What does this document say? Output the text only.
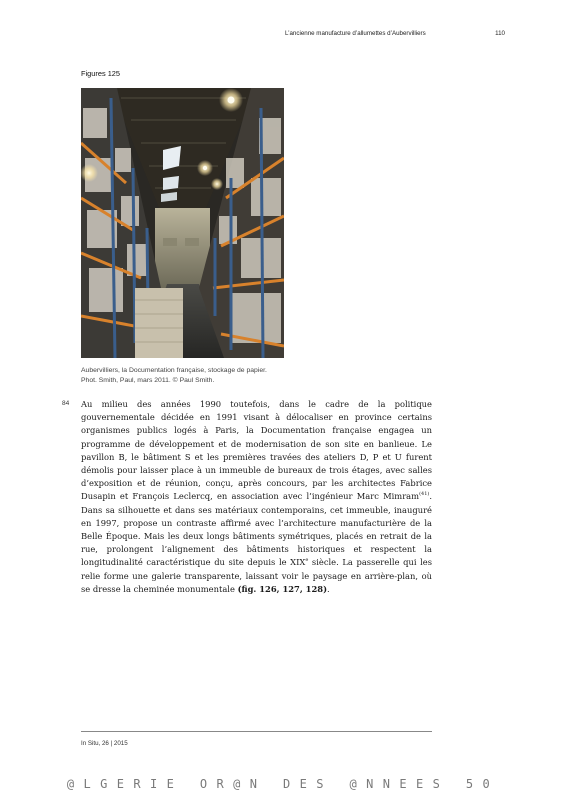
L’ancienne manufacture d’allumettes d’Aubervilliers	110
Figures 125
Aubervilliers, la Documentation française, stockage de papier.
Phot. Smith, Paul, mars 2011. © Paul Smith.
84 Au milieu des années 1990 toutefois, dans le cadre de la politique gouvernementale décidée en 1991 visant à délocaliser en province certains organismes publics logés à Paris, la Documentation française engagea un programme de développement et de modernisation de son site en banlieue. Le pavillon B, le bâtiment S et les premières travées des ateliers D, P et U furent démolis pour laisser place à un immeuble de bureaux de trois étages, avec salles d’exposition et de réunion, conçu, après concours, par les architectes Fabrice Dusapin et François Leclercq, en association avec l’ingénieur Marc Mimram$^{(41)}$. Dans sa silhouette et dans ses matériaux contemporains, cet immeuble, inauguré en 1997, propose un contraste affirmé avec l’architecture manufacturière de la Belle Époque. Mais les deux longs bâtiments symétriques, placés en retrait de la rue, prolongent l’alignement des bâtiments historiques et respectent la longitudinalité caractéristique du site depuis le XIXe siècle. La passerelle qui les relie forme une galerie transparente, laissant voir le paysage en arrière-plan, où se dresse la cheminée monumentale (fig. 126, 127, 128).
In Situ, 26 | 2015
@LGERIE OR@N DES @NNEES 50
